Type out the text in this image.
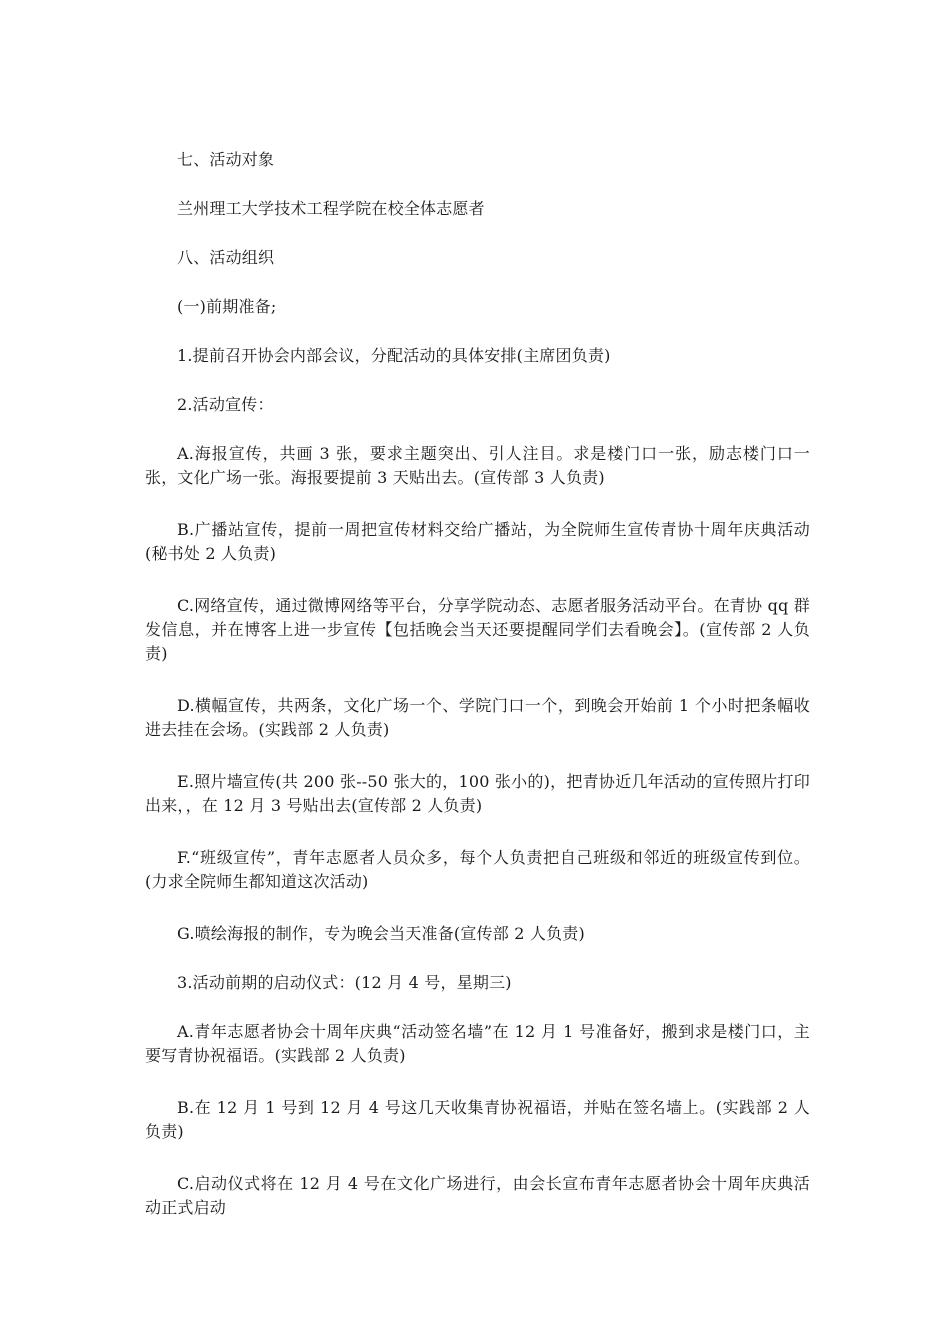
七、活动对象

兰州理工大学技术工程学院在校全体志愿者

八、活动组织

(一)前期准备;

1.提前召开协会内部会议，分配活动的具体安排(主席团负责)

2.活动宣传：

A.海报宣传，共画 3 张，要求主题突出、引人注目。求是楼门口一张，励志楼门口一张，文化广场一张。海报要提前 3 天贴出去。(宣传部 3 人负责)

B.广播站宣传，提前一周把宣传材料交给广播站，为全院师生宣传青协十周年庆典活动(秘书处 2 人负责)

C.网络宣传，通过微博网络等平台，分享学院动态、志愿者服务活动平台。在青协 qq 群发信息，并在博客上进一步宣传【包括晚会当天还要提醒同学们去看晚会】。(宣传部 2 人负责)

D.横幅宣传，共两条，文化广场一个、学院门口一个，到晚会开始前 1 个小时把条幅收进去挂在会场。(实践部 2 人负责)

E.照片墙宣传(共 200 张--50 张大的，100 张小的)，把青协近几年活动的宣传照片打印出来，，在 12 月 3 号贴出去(宣传部 2 人负责)

F.“班级宣传”，青年志愿者人员众多，每个人负责把自己班级和邻近的班级宣传到位。(力求全院师生都知道这次活动)

G.喷绘海报的制作，专为晚会当天准备(宣传部 2 人负责)

3.活动前期的启动仪式：(12 月 4 号，星期三)

A.青年志愿者协会十周年庆典“活动签名墙”在 12 月 1 号准备好，搬到求是楼门口，主要写青协祝福语。(实践部 2 人负责)

B.在 12 月 1 号到 12 月 4 号这几天收集青协祝福语，并贴在签名墙上。(实践部 2 人负责)

C.启动仪式将在 12 月 4 号在文化广场进行，由会长宣布青年志愿者协会十周年庆典活动正式启动
